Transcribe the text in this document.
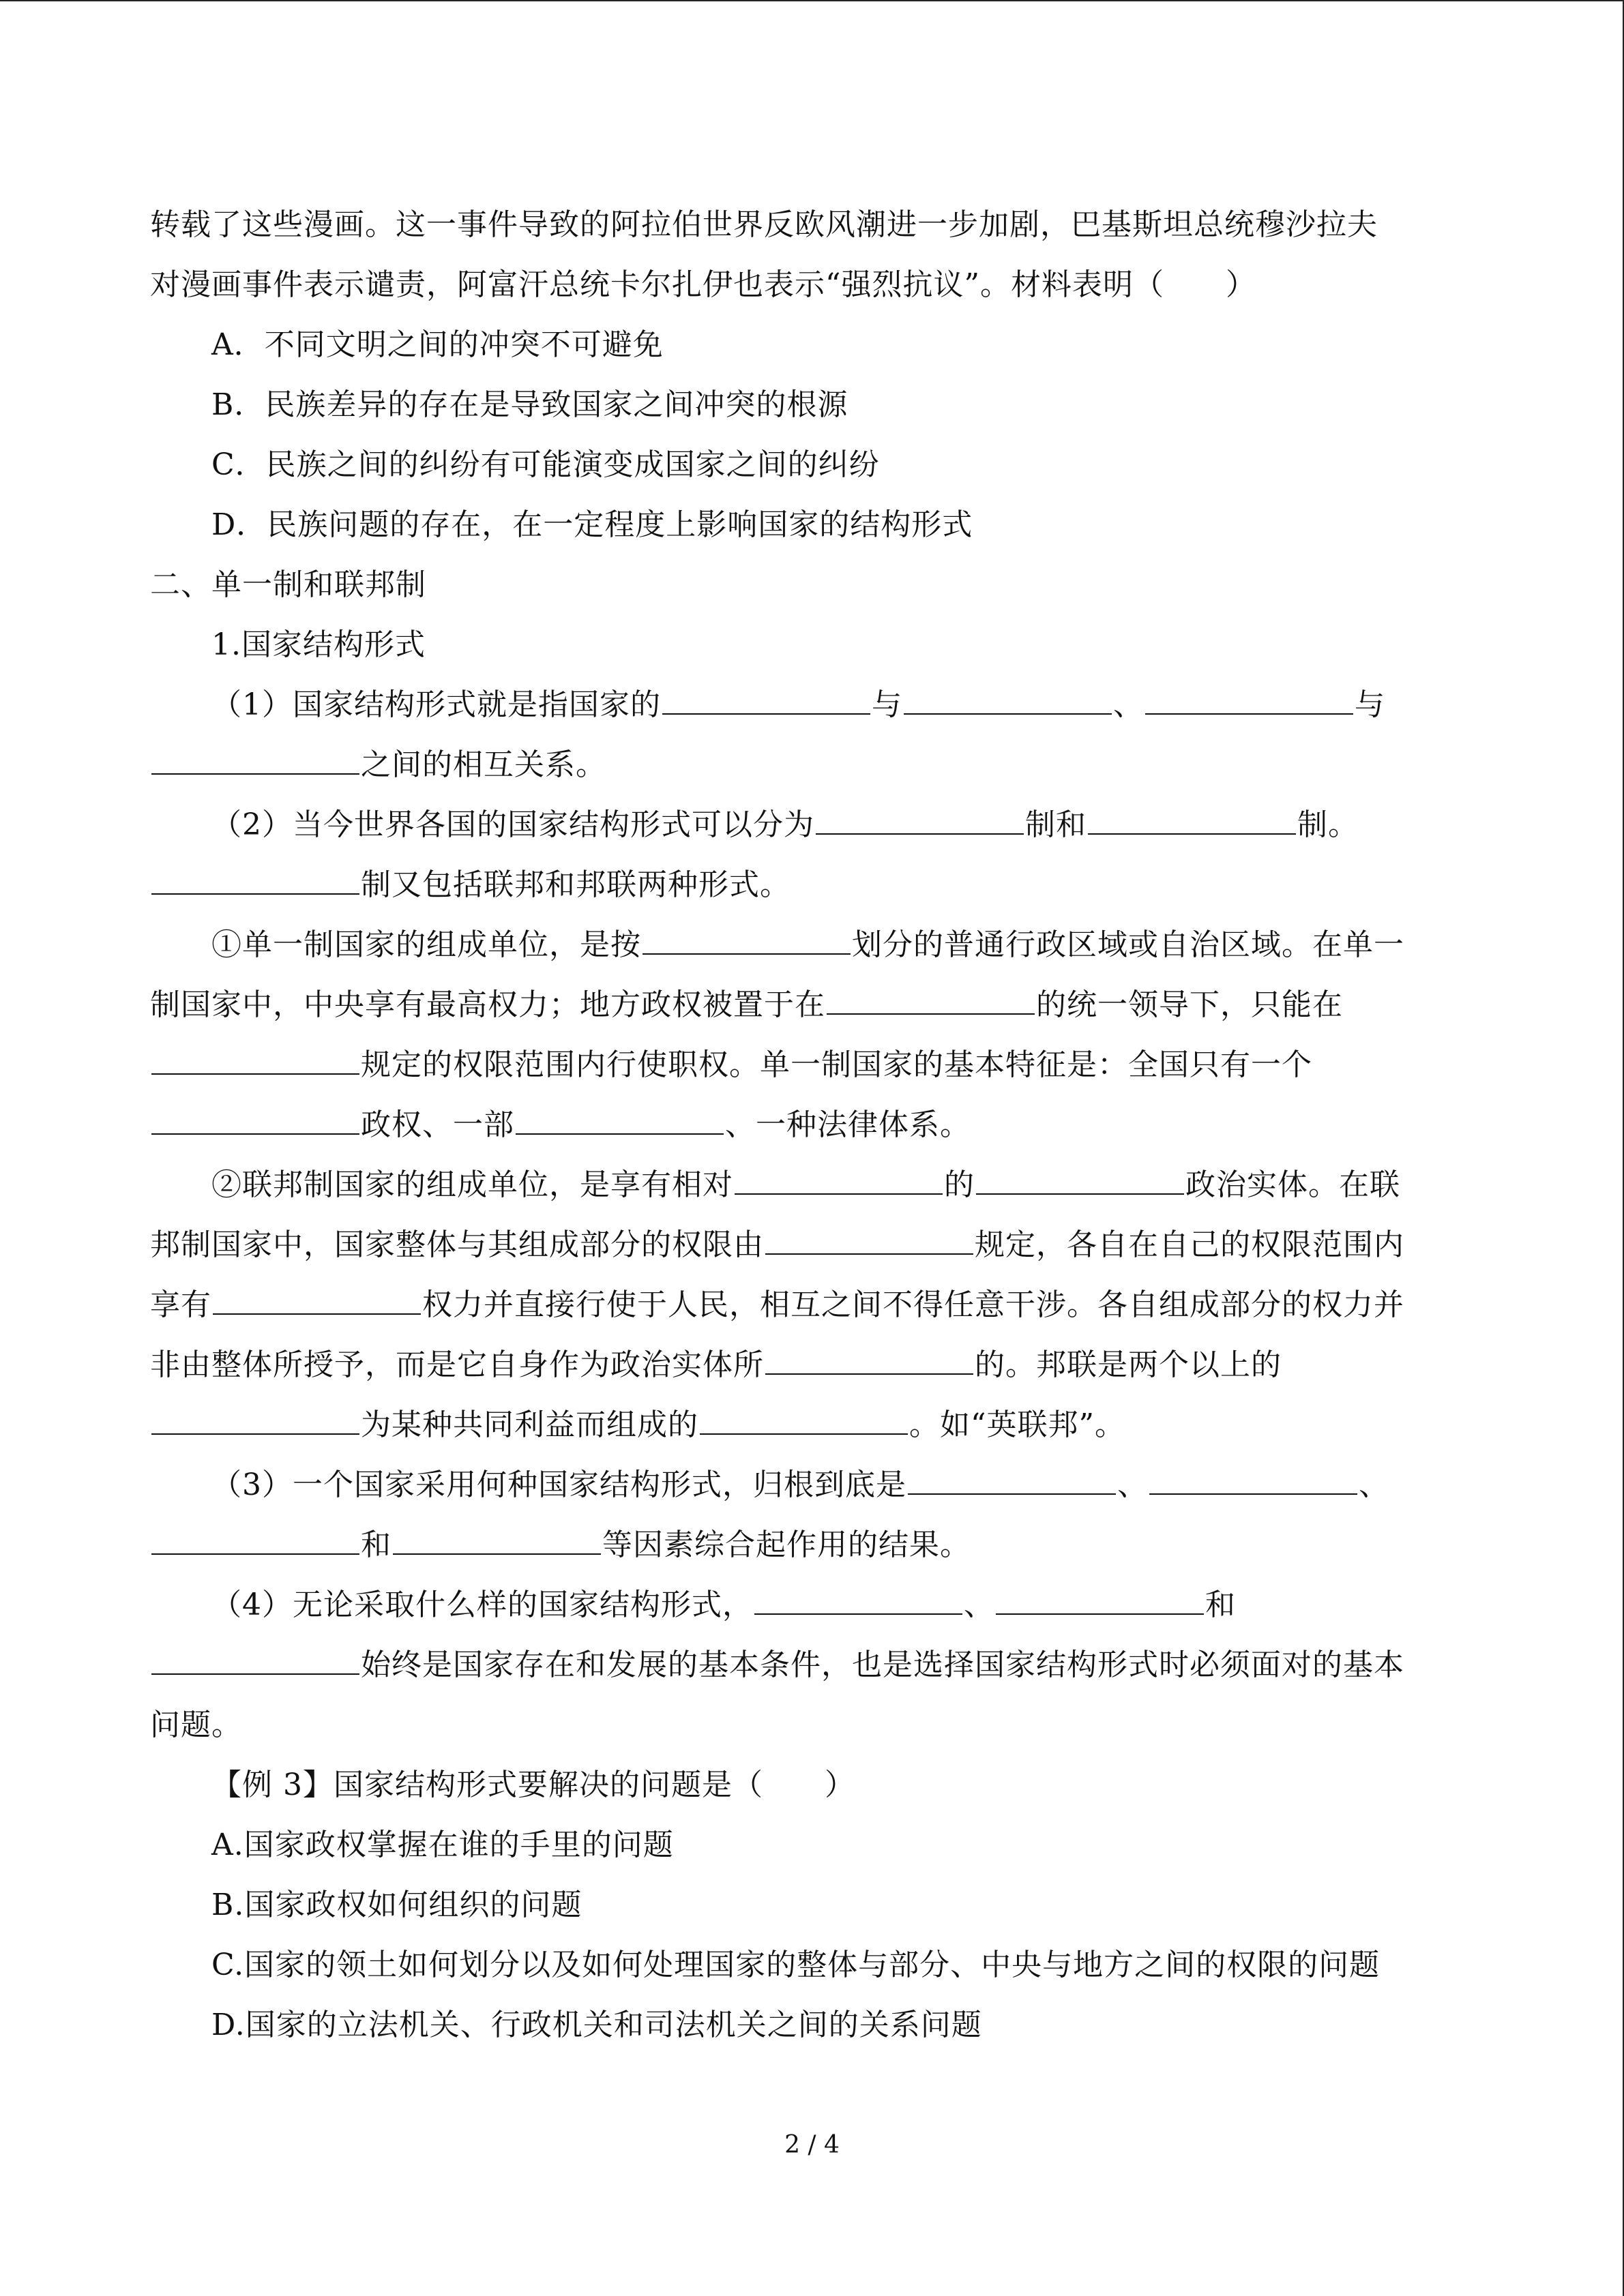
转载了这些漫画。这一事件导致的阿拉伯世界反欧风潮进一步加剧，巴基斯坦总统穆沙拉夫
对漫画事件表示谴责，阿富汗总统卡尔扎伊也表示“强烈抗议”。材料表明（　　）
A．不同文明之间的冲突不可避免
B．民族差异的存在是导致国家之间冲突的根源
C．民族之间的纠纷有可能演变成国家之间的纠纷
D．民族问题的存在，在一定程度上影响国家的结构形式
二、单一制和联邦制
1.国家结构形式
（1）国家结构形式就是指国家的	与	、	与
之间的相互关系。
（2）当今世界各国的国家结构形式可以分为	制和	制。
制又包括联邦和邦联两种形式。
①单一制国家的组成单位，是按	划分的普通行政区域或自治区域。在单一
制国家中，中央享有最高权力；地方政权被置于在	的统一领导下，只能在
规定的权限范围内行使职权。单一制国家的基本特征是：全国只有一个
政权、一部	、一种法律体系。
②联邦制国家的组成单位，是享有相对	的	政治实体。在联
邦制国家中，国家整体与其组成部分的权限由	规定，各自在自己的权限范围内
享有	权力并直接行使于人民，相互之间不得任意干涉。各自组成部分的权力并
非由整体所授予，而是它自身作为政治实体所	的。邦联是两个以上的
为某种共同利益而组成的	。如“英联邦”。
（3）一个国家采用何种国家结构形式，归根到底是	、	、
和	等因素综合起作用的结果。
（4）无论采取什么样的国家结构形式，	、	和
始终是国家存在和发展的基本条件，也是选择国家结构形式时必须面对的基本
问题。
【例 3】国家结构形式要解决的问题是（　　）
A.国家政权掌握在谁的手里的问题
B.国家政权如何组织的问题
C.国家的领土如何划分以及如何处理国家的整体与部分、中央与地方之间的权限的问题
D.国家的立法机关、行政机关和司法机关之间的关系问题
2 / 4
